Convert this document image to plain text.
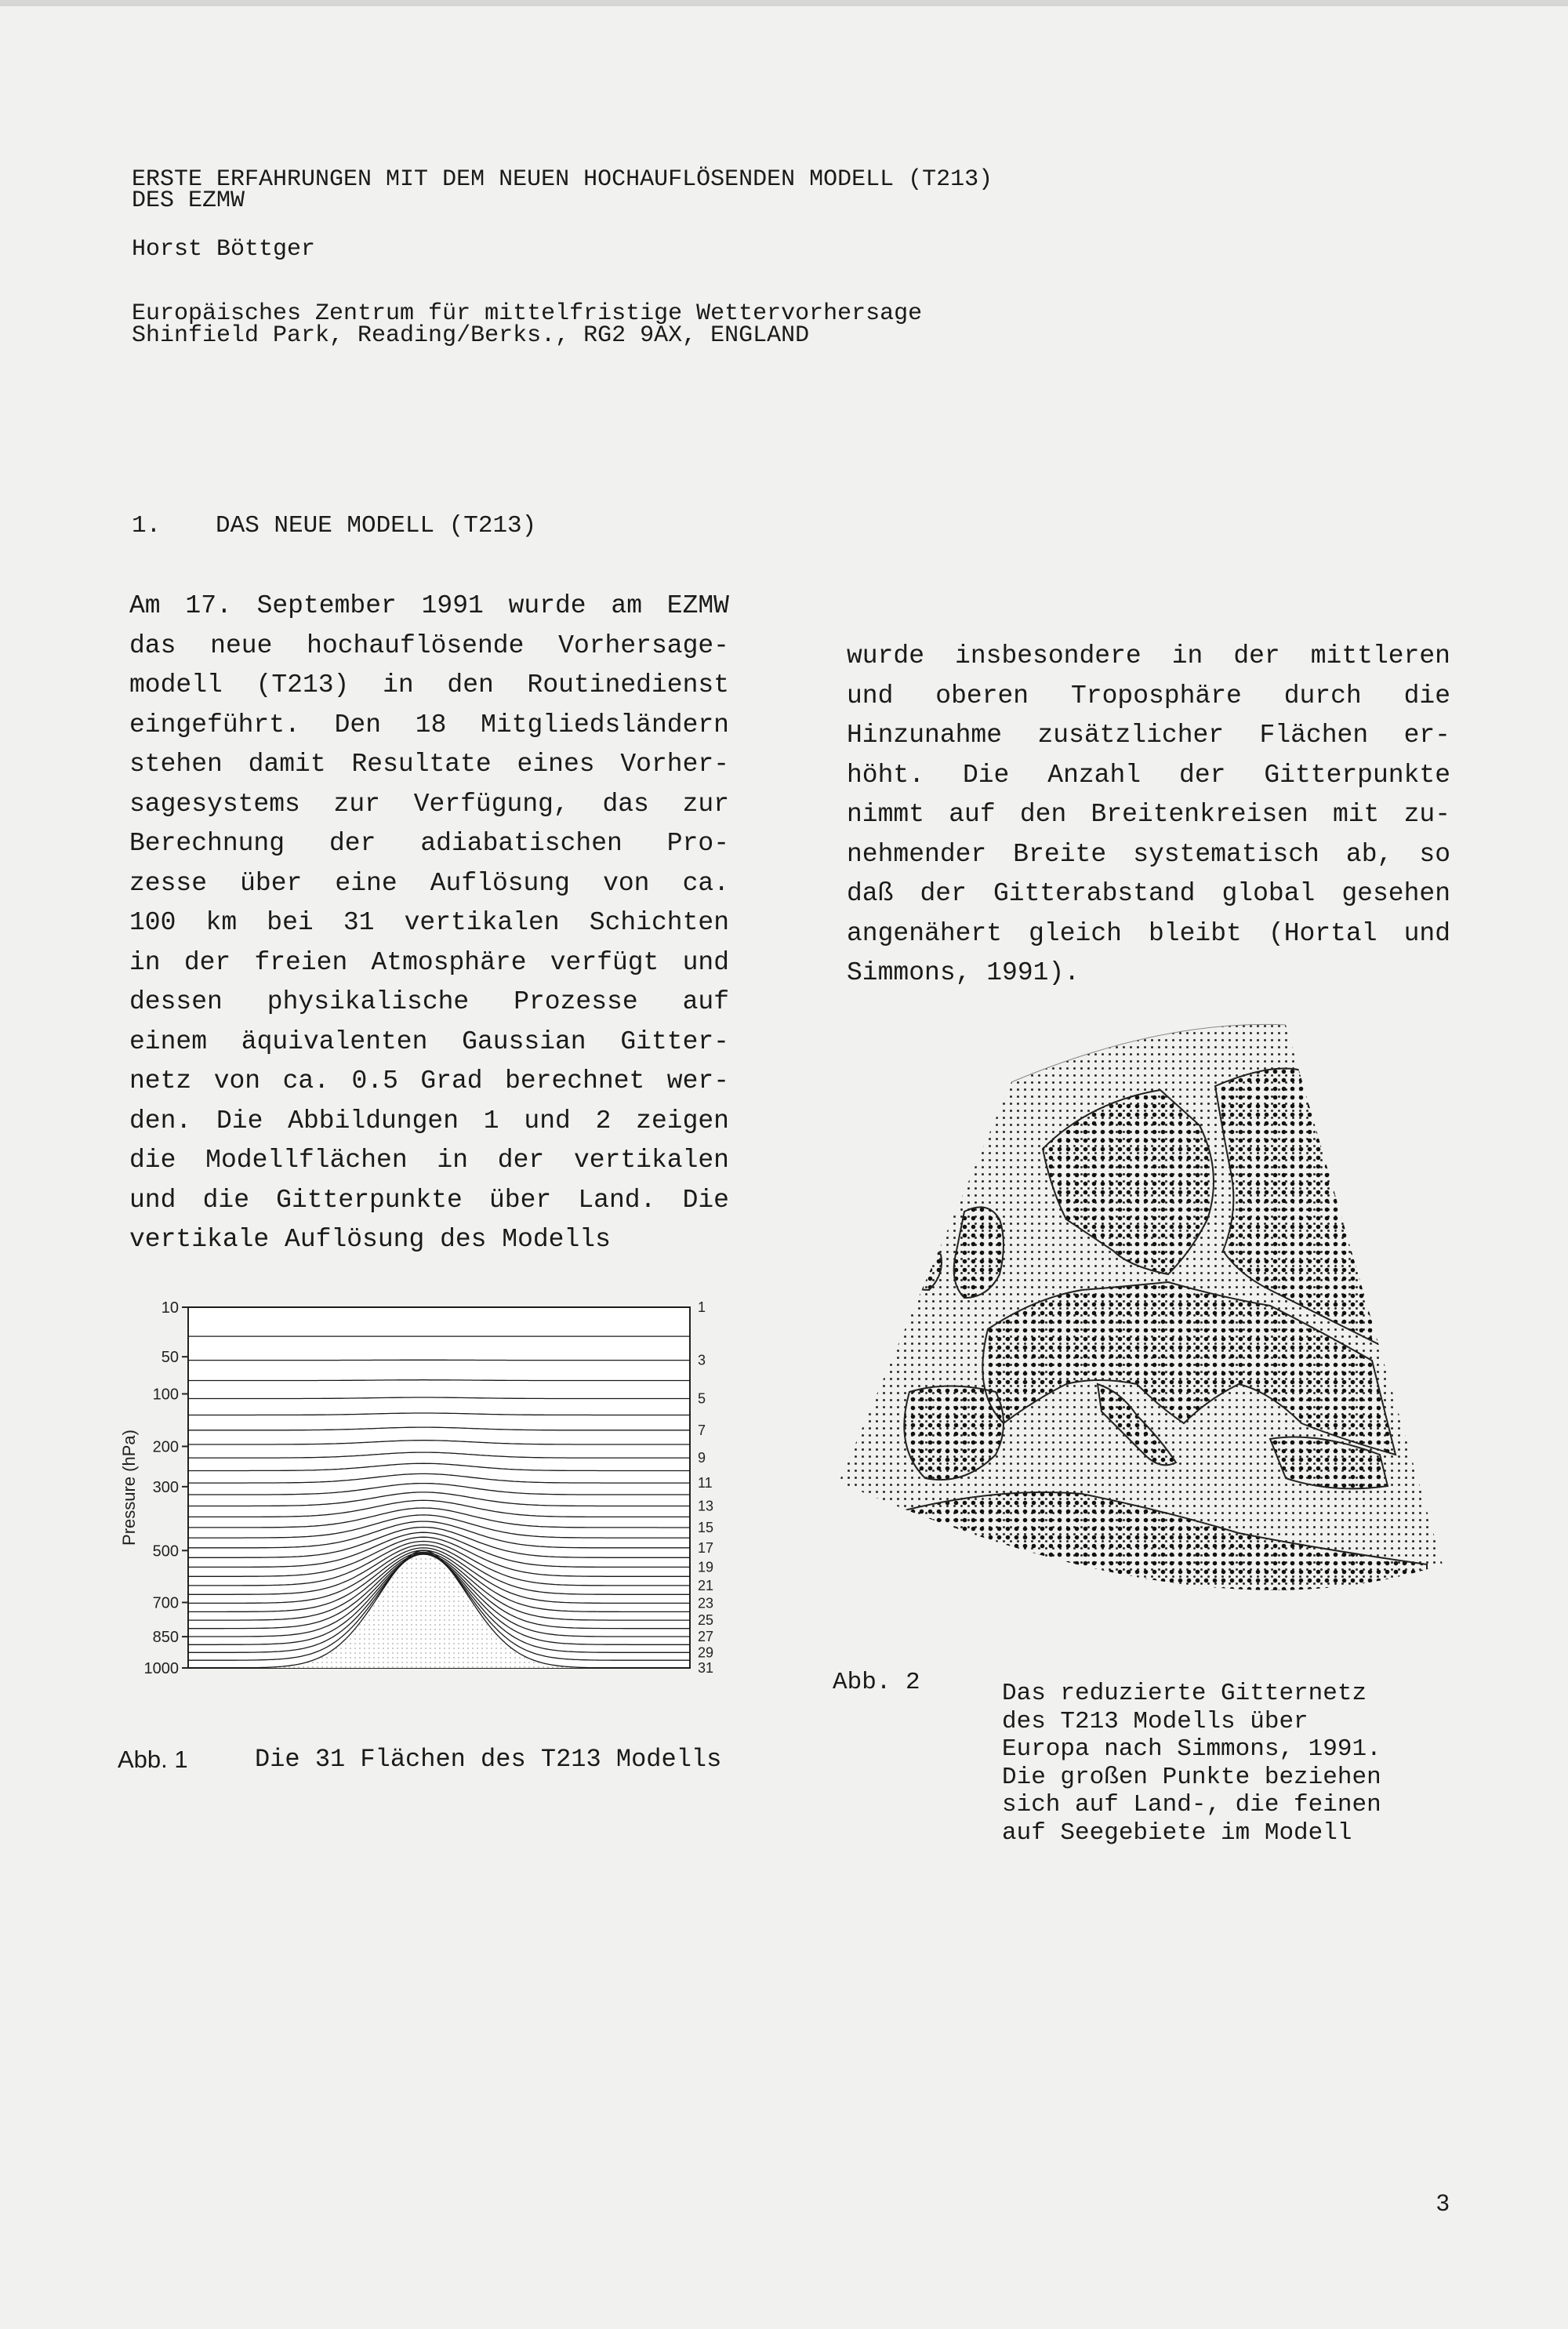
ERSTE ERFAHRUNGEN MIT DEM NEUEN HOCHAUFLÖSENDEN MODELL (T213)
DES EZMW
Horst Böttger
Europäisches Zentrum für mittelfristige Wettervorhersage
Shinfield Park, Reading/Berks., RG2 9AX, ENGLAND
1. DAS NEUE MODELL (T213)
Am 17. September 1991 wurde am EZMW
das neue hochauflösende Vorhersage-
modell (T213) in den Routinedienst
eingeführt. Den 18 Mitgliedsländern
stehen damit Resultate eines Vorher-
sagesystems zur Verfügung, das zur
Berechnung der adiabatischen Pro-
zesse über eine Auflösung von ca.
100 km bei 31 vertikalen Schichten
in der freien Atmosphäre verfügt und
dessen physikalische Prozesse auf
einem äquivalenten Gaussian Gitter-
netz von ca. 0.5 Grad berechnet wer-
den. Die Abbildungen 1 und 2 zeigen
die Modellflächen in der vertikalen
und die Gitterpunkte über Land. Die
vertikale Auflösung des Modells
wurde insbesondere in der mittleren
und oberen Troposphäre durch die
Hinzunahme zusätzlicher Flächen er-
höht. Die Anzahl der Gitterpunkte
nimmt auf den Breitenkreisen mit zu-
nehmender Breite systematisch ab, so
daß der Gitterabstand global gesehen
angenähert gleich bleibt (Hortal und
Simmons, 1991).
10
50
100
200
300
500
700
850
1000
1
3
5
7
9
11
13
15
17
19
21
23
25
27
29
31
Pressure (hPa)
Abb. 1	Die 31 Flächen des T213 Modells
Abb. 2	Das reduzierte Gitternetz
des T213 Modells über
Europa nach Simmons, 1991.
Die großen Punkte beziehen
sich auf Land-, die feinen
auf Seegebiete im Modell
3
